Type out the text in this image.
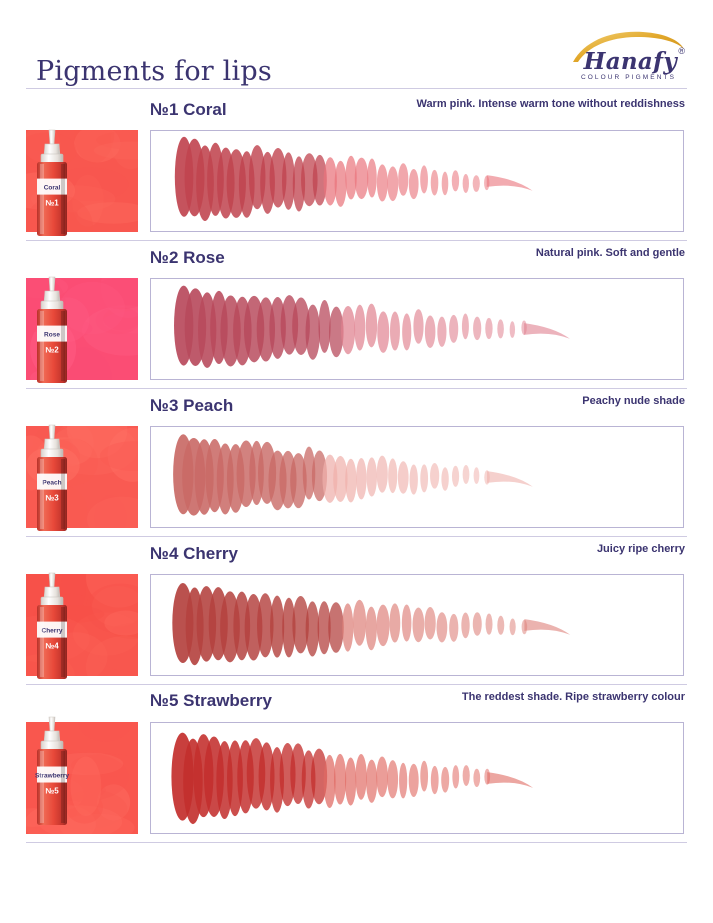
Pigments for lips	Hanafy ®
COLOUR PIGMENTS
№1 Coral	Warm pink. Intense warm tone without reddishness
Coral
№1
№2 Rose	Natural pink. Soft and gentle
Rose
№2
№3 Peach	Peachy nude shade
Peach
№3
№4 Cherry	Juicy ripe cherry
Cherry
№4
№5 Strawberry	The reddest shade. Ripe strawberry colour
Strawberry
№5
